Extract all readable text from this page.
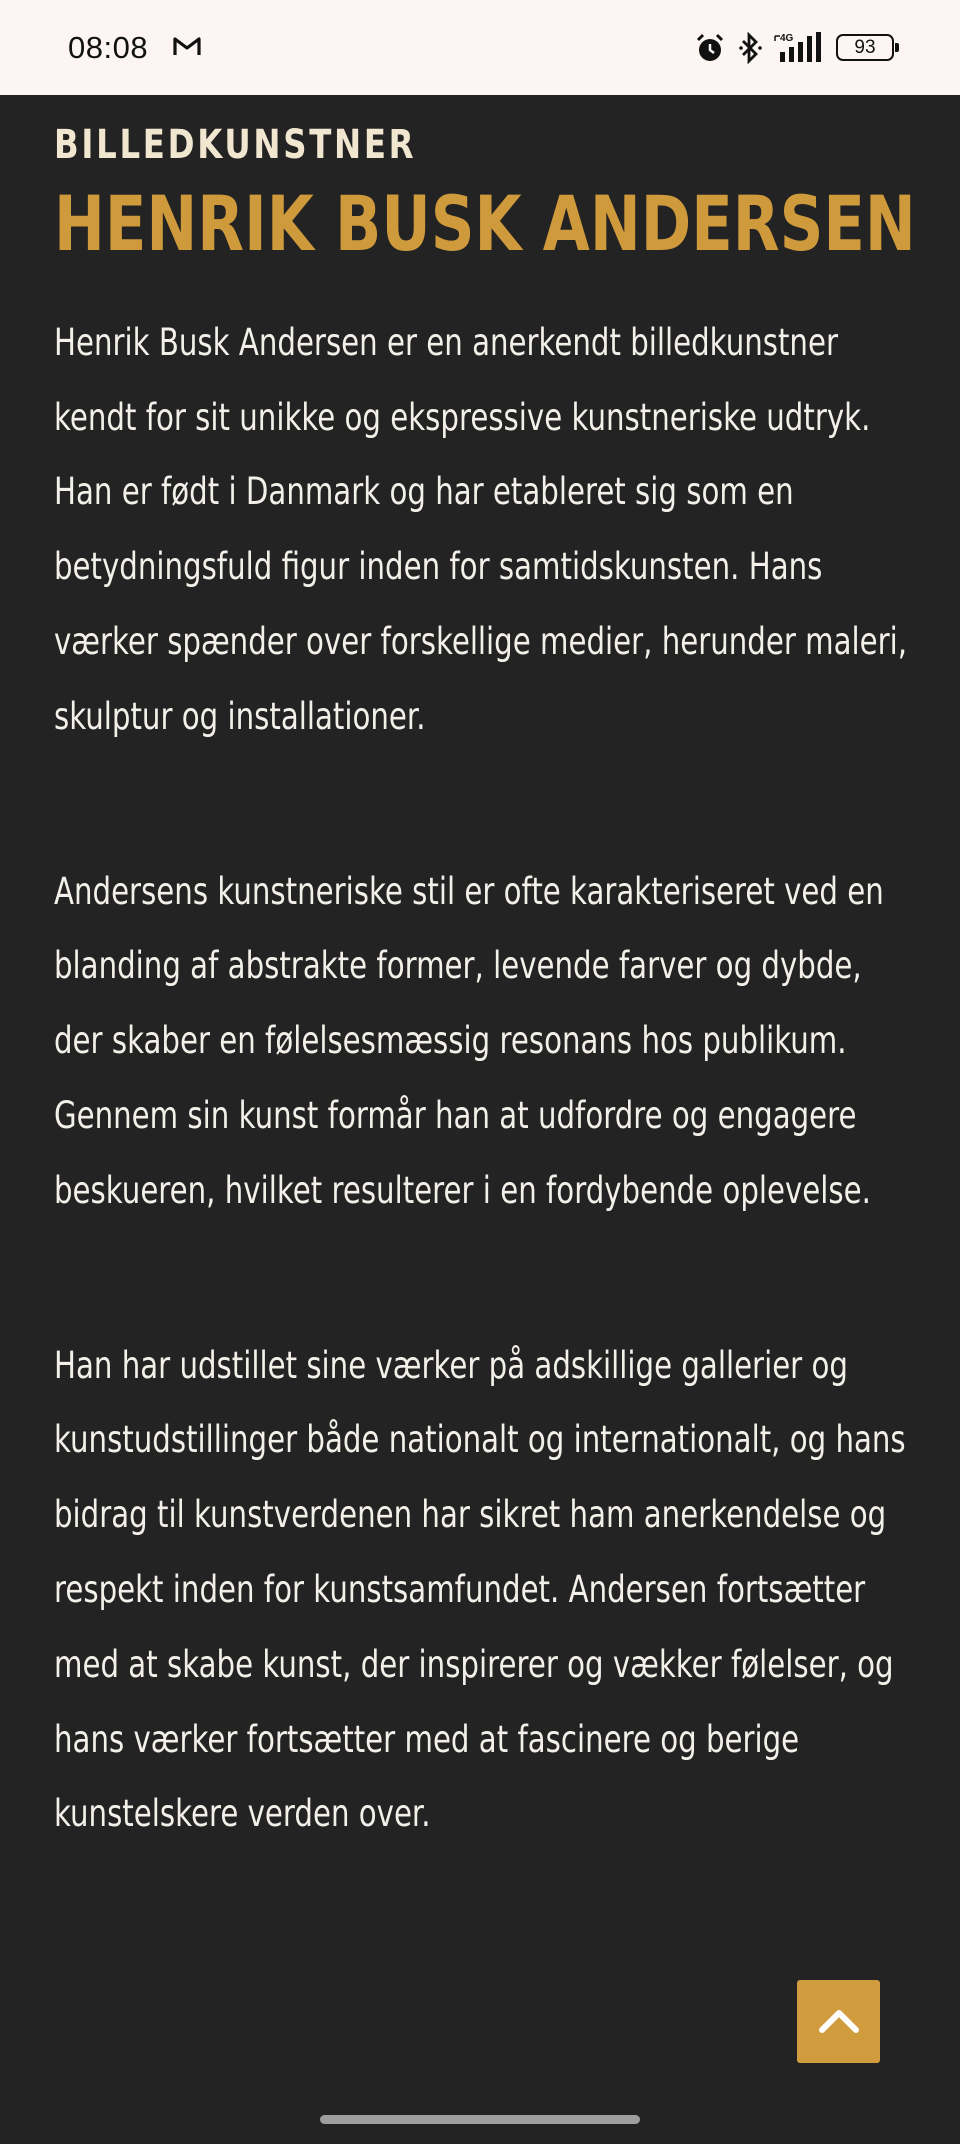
08:08	4G	93
BILLEDKUNSTNER
HENRIK BUSK ANDERSEN

Henrik Busk Andersen er en anerkendt billedkunstner kendt for sit unikke og ekspressive kunstneriske udtryk. Han er født i Danmark og har etableret sig som en betydningsfuld figur inden for samtidskunsten. Hans værker spænder over forskellige medier, herunder maleri, skulptur og installationer.

Andersens kunstneriske stil er ofte karakteriseret ved en blanding af abstrakte former, levende farver og dybde, der skaber en følelsesmæssig resonans hos publikum. Gennem sin kunst formår han at udfordre og engagere beskueren, hvilket resulterer i en fordybende oplevelse.

Han har udstillet sine værker på adskillige gallerier og kunstudstillinger både nationalt og internationalt, og hans bidrag til kunstverdenen har sikret ham anerkendelse og respekt inden for kunstsamfundet. Andersen fortsætter med at skabe kunst, der inspirerer og vækker følelser, og hans værker fortsætter med at fascinere og berige kunstelskere verden over.
